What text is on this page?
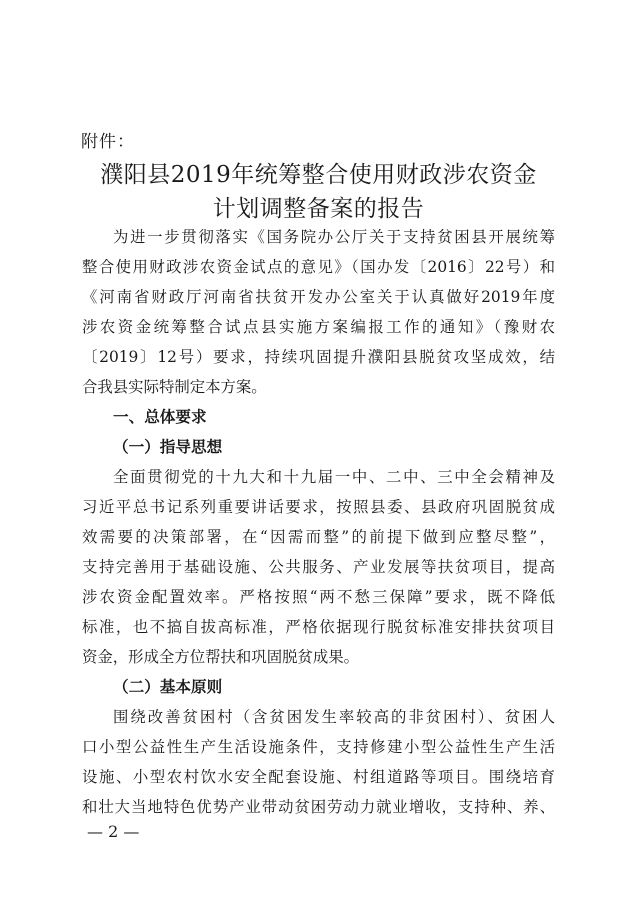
附件：
濮阳县2019年统筹整合使用财政涉农资金
计划调整备案的报告
为进一步贯彻落实《国务院办公厅关于支持贫困县开展统筹
整合使用财政涉农资金试点的意见》（国办发〔2016〕22号）和
《河南省财政厅河南省扶贫开发办公室关于认真做好2019年度
涉农资金统筹整合试点县实施方案编报工作的通知》（豫财农
〔2019〕12号）要求，持续巩固提升濮阳县脱贫攻坚成效，结
合我县实际特制定本方案。
一、总体要求
（一）指导思想
全面贯彻党的十九大和十九届一中、二中、三中全会精神及
习近平总书记系列重要讲话要求，按照县委、县政府巩固脱贫成
效需要的决策部署，在“因需而整”的前提下做到应整尽整”，
支持完善用于基础设施、公共服务、产业发展等扶贫项目，提高
涉农资金配置效率。严格按照“两不愁三保障”要求，既不降低
标准，也不搞自拔高标准，严格依据现行脱贫标准安排扶贫项目
资金，形成全方位帮扶和巩固脱贫成果。
（二）基本原则
围绕改善贫困村（含贫困发生率较高的非贫困村）、贫困人
口小型公益性生产生活设施条件，支持修建小型公益性生产生活
设施、小型农村饮水安全配套设施、村组道路等项目。围绕培育
和壮大当地特色优势产业带动贫困劳动力就业增收，支持种、养、
— 2 —
